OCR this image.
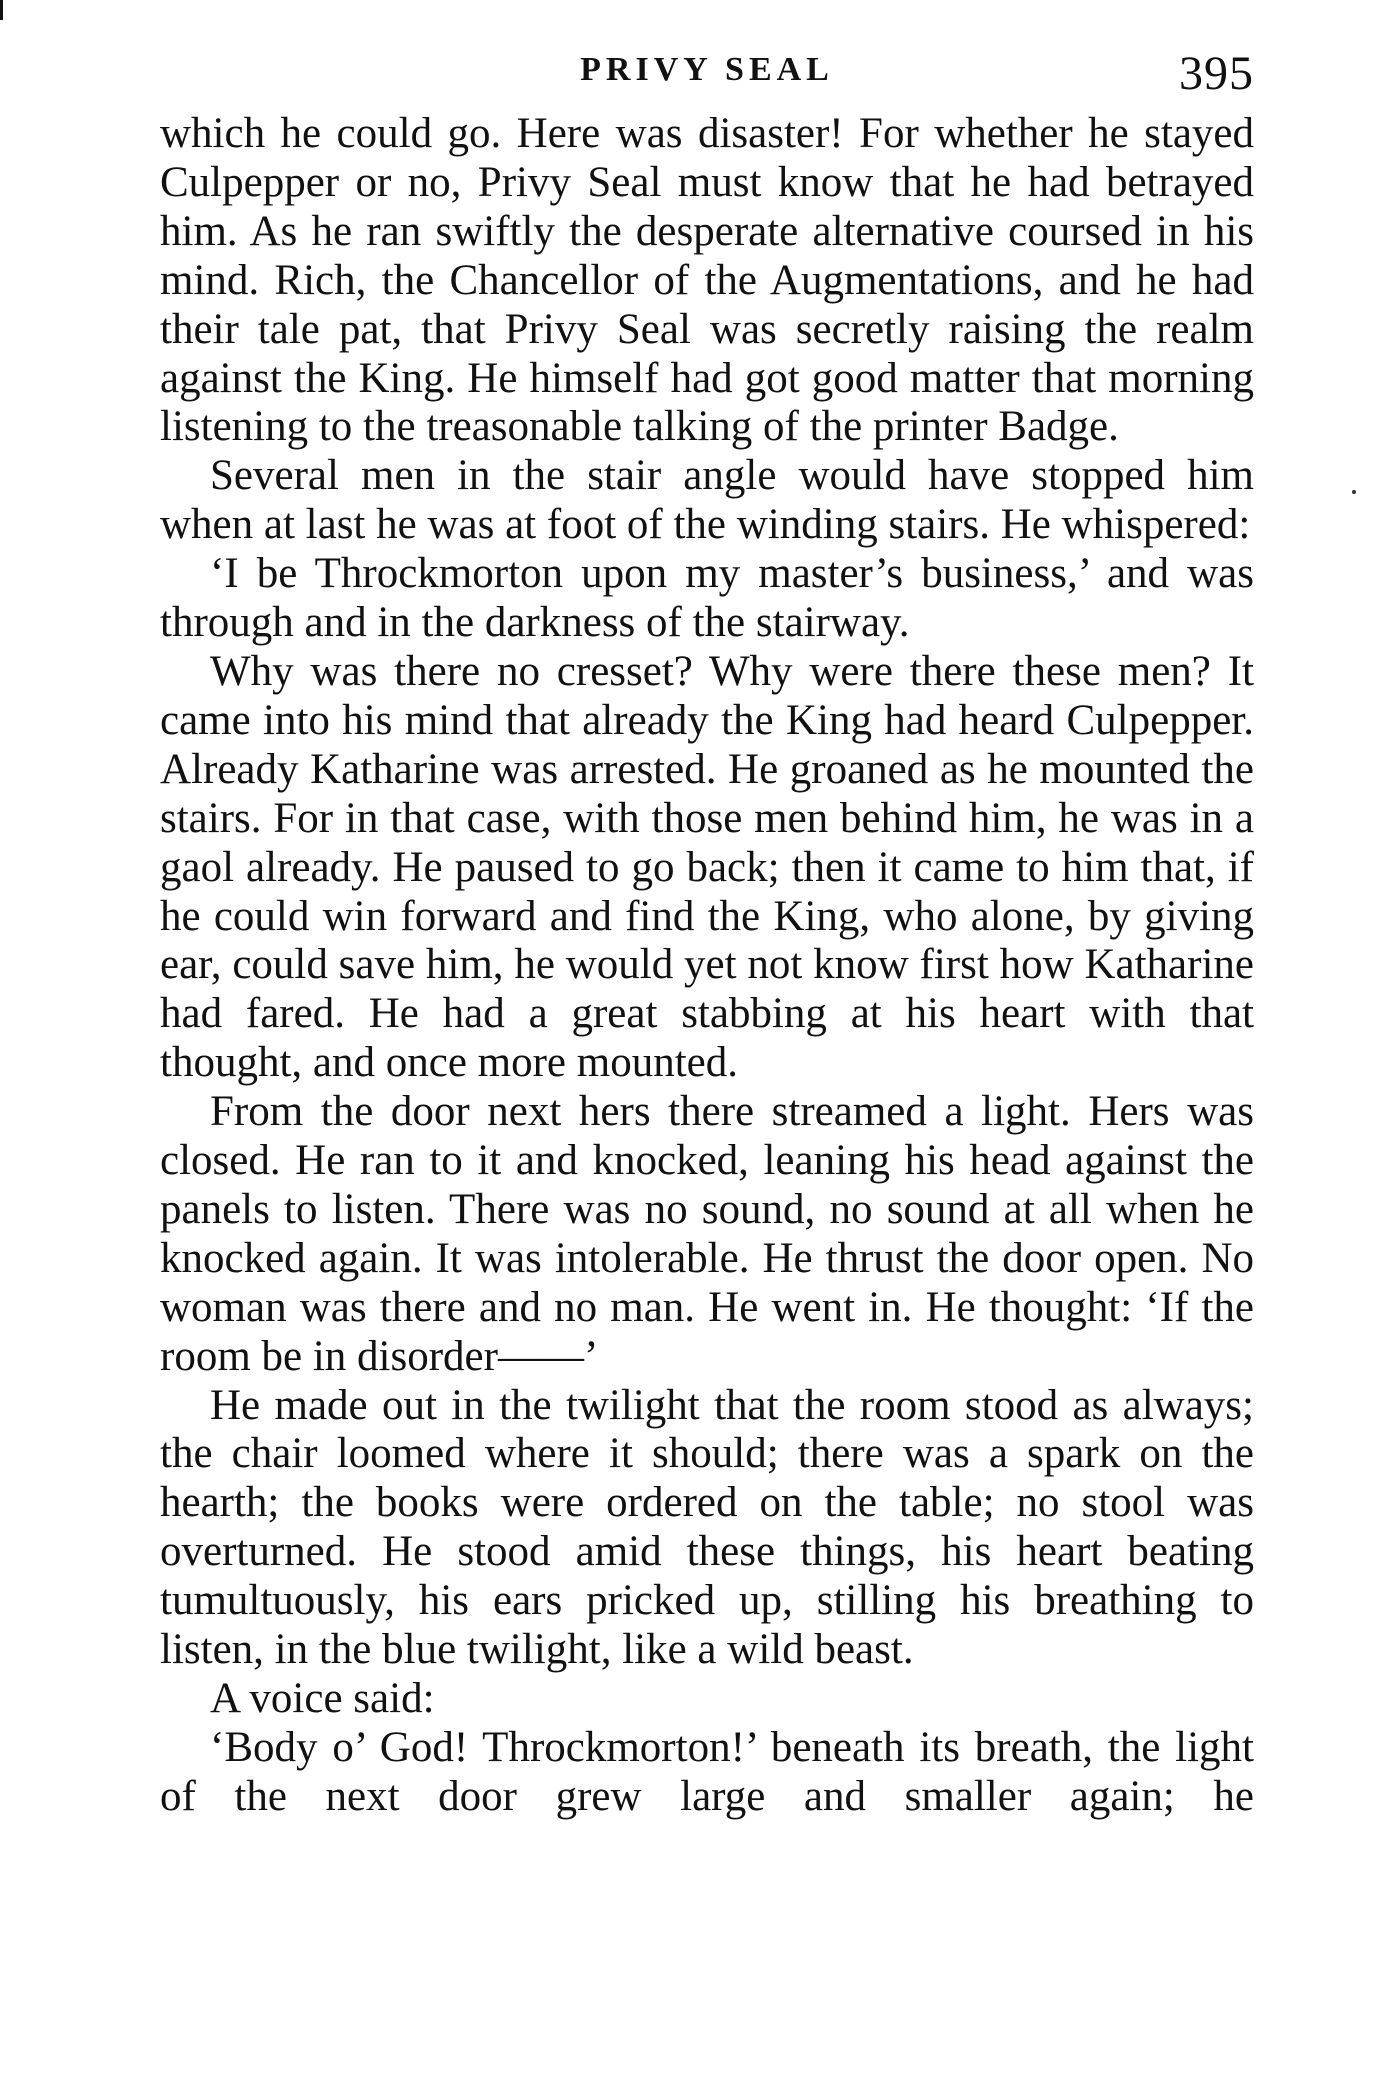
PRIVY SEAL	395

which he could go. Here was disaster! For whether he stayed Culpepper or no, Privy Seal must know that he had betrayed him. As he ran swiftly the desperate alternative coursed in his mind. Rich, the Chancellor of the Augmentations, and he had their tale pat, that Privy Seal was secretly raising the realm against the King. He himself had got good matter that morning listening to the treasonable talking of the printer Badge.

Several men in the stair angle would have stopped him when at last he was at foot of the winding stairs. He whispered:

‘I be Throckmorton upon my master’s business,’ and was through and in the darkness of the stairway.

Why was there no cresset? Why were there these men? It came into his mind that already the King had heard Culpepper. Already Katharine was arrested. He groaned as he mounted the stairs. For in that case, with those men behind him, he was in a gaol already. He paused to go back; then it came to him that, if he could win forward and find the King, who alone, by giving ear, could save him, he would yet not know first how Katharine had fared. He had a great stabbing at his heart with that thought, and once more mounted.

From the door next hers there streamed a light. Hers was closed. He ran to it and knocked, leaning his head against the panels to listen. There was no sound, no sound at all when he knocked again. It was intolerable. He thrust the door open. No woman was there and no man. He went in. He thought: ‘If the room be in disorder——’

He made out in the twilight that the room stood as always; the chair loomed where it should; there was a spark on the hearth; the books were ordered on the table; no stool was overturned. He stood amid these things, his heart beating tumultuously, his ears pricked up, stilling his breathing to listen, in the blue twilight, like a wild beast.

A voice said:

‘Body o’ God! Throckmorton!’ beneath its breath, the light of the next door grew large and smaller again; he
